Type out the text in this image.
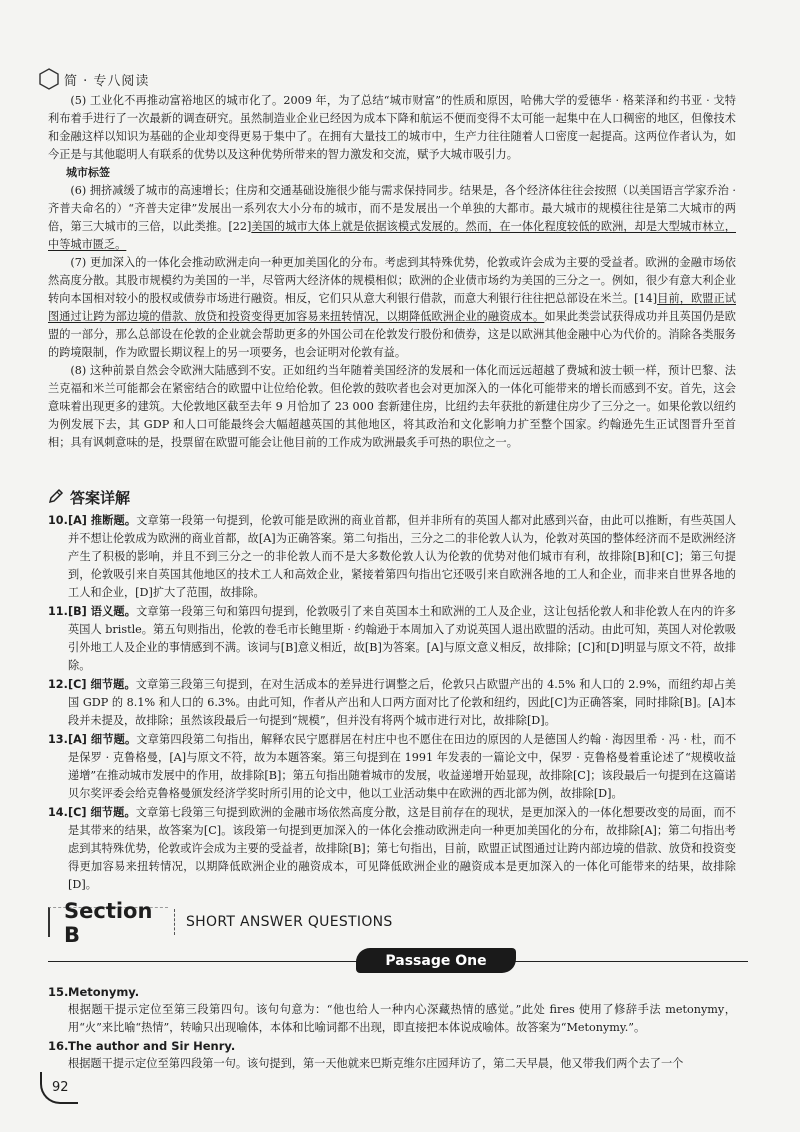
简 · 专八阅读

(5) 工业化不再推动富裕地区的城市化了。2009 年，为了总结“城市财富”的性质和原因，哈佛大学的爱德华 · 格莱泽和约书亚 · 戈特利布着手进行了一次最新的调查研究。虽然制造业企业已经因为成本下降和航运不便而变得不太可能一起集中在人口稠密的地区，但像技术和金融这样以知识为基础的企业却变得更易于集中了。在拥有大量技工的城市中，生产力往往随着人口密度一起提高。这两位作者认为，如今正是与其他聪明人有联系的优势以及这种优势所带来的智力激发和交流，赋予大城市吸引力。

城市标签

(6) 拥挤减缓了城市的高速增长；住房和交通基础设施很少能与需求保持同步。结果是，各个经济体往往会按照（以美国语言学家乔治 · 齐普夫命名的）“齐普夫定律”发展出一系列农大小分布的城市，而不是发展出一个单独的大都市。最大城市的规模往往是第二大城市的两倍，第三大城市的三倍，以此类推。[22]美国的城市大体上就是依据该模式发展的。然而，在一体化程度较低的欧洲，却是大型城市林立，中等城市匮乏。

(7) 更加深入的一体化会推动欧洲走向一种更加美国化的分布。考虑到其特殊优势，伦敦或许会成为主要的受益者。欧洲的金融市场依然高度分散。其股市规模约为美国的一半，尽管两大经济体的规模相似；欧洲的企业债市场约为美国的三分之一。例如，很少有意大利企业转向本国相对较小的股权或债券市场进行融资。相反，它们只从意大利银行借款，而意大利银行往往把总部设在米兰。[14]目前，欧盟正试图通过让跨为部边境的借款、放贷和投资变得更加容易来扭转情况，以期降低欧洲企业的融资成本。如果此类尝试获得成功并且英国仍是欧盟的一部分，那么总部设在伦敦的企业就会帮助更多的外国公司在伦敦发行股份和债券，这是以欧洲其他金融中心为代价的。消除各类服务的跨境限制，作为欧盟长期议程上的另一项要务，也会证明对伦敦有益。

(8) 这种前景自然会令欧洲大陆感到不安。正如纽约当年随着美国经济的发展和一体化而远远超越了费城和波士顿一样，预计巴黎、法兰克福和米兰可能都会在紧密结合的欧盟中让位给伦敦。但伦敦的鼓吹者也会对更加深入的一体化可能带来的增长而感到不安。首先，这会意味着出现更多的建筑。大伦敦地区截至去年 9 月恰加了 23 000 套新建住房，比纽约去年获批的新建住房少了三分之一。如果伦敦以纽约为例发展下去，其 GDP 和人口可能最终会大幅超越英国的其他地区，将其政治和文化影响力扩至整个国家。约翰逊先生正试图晋升至首相；具有讽刺意味的是，投票留在欧盟可能会让他目前的工作成为欧洲最炙手可热的职位之一。

答案详解
10. [A] 推断题。文章第一段第一句提到，伦敦可能是欧洲的商业首都，但并非所有的英国人都对此感到兴奋，由此可以推断，有些英国人并不想让伦敦成为欧洲的商业首都，故[A]为正确答案。第二句指出，三分之二的非伦敦人认为，伦敦对英国的整体经济而不是欧洲经济产生了积极的影响，并且不到三分之一的非伦敦人而不是大多数伦敦人认为伦敦的优势对他们城市有利，故排除[B]和[C]；第三句提到，伦敦吸引来自英国其他地区的技术工人和高效企业，紧接着第四句指出它还吸引来自欧洲各地的工人和企业，而非来自世界各地的工人和企业，[D]扩大了范围，故排除。
11. [B] 语义题。文章第一段第三句和第四句提到，伦敦吸引了来自英国本土和欧洲的工人及企业，这让包括伦敦人和非伦敦人在内的许多英国人 bristle。第五句则指出，伦敦的卷毛市长鲍里斯 · 约翰逊于本周加入了劝说英国人退出欧盟的活动。由此可知，英国人对伦敦吸引外地工人及企业的事情感到不满。该词与[B]意义相近，故[B]为答案。[A]与原文意义相反，故排除；[C]和[D]明显与原文不符，故排除。
12. [C] 细节题。文章第三段第三句提到，在对生活成本的差异进行调整之后，伦敦只占欧盟产出的 4.5% 和人口的 2.9%，而纽约却占美国 GDP 的 8.1% 和人口的 6.3%。由此可知，作者从产出和人口两方面对比了伦敦和纽约，因此[C]为正确答案，同时排除[B]。[A]本段并未提及，故排除；虽然该段最后一句提到“规模”，但并没有将两个城市进行对比，故排除[D]。
13. [A] 细节题。文章第四段第二句指出，解释农民宁愿群居在村庄中也不愿住在田边的原因的人是德国人约翰 · 海因里希 · 冯 · 杜，而不是保罗 · 克鲁格曼，[A]与原文不符，故为本题答案。第三句提到在 1991 年发表的一篇论文中，保罗 · 克鲁格曼着重论述了“规模收益递增”在推动城市发展中的作用，故排除[B]；第五句指出随着城市的发展，收益递增开始显现，故排除[C]；该段最后一句提到在这篇诺贝尔奖评委会给克鲁格曼颁发经济学奖时所引用的论文中，他以工业活动集中在欧洲的西北部为例，故排除[D]。
14. [C] 细节题。文章第七段第三句提到欧洲的金融市场依然高度分散，这是目前存在的现状，是更加深入的一体化想要改变的局面，而不是其带来的结果，故答案为[C]。该段第一句提到更加深入的一体化会推动欧洲走向一种更加美国化的分布，故排除[A]；第二句指出考虑到其特殊优势，伦敦或许会成为主要的受益者，故排除[B]；第七句指出，目前，欧盟正试图通过让跨内部边境的借款、放贷和投资变得更加容易来扭转情况，以期降低欧洲企业的融资成本，可见降低欧洲企业的融资成本是更加深入的一体化可能带来的结果，故排除[D]。
Section B
SHORT ANSWER QUESTIONS
Passage One
15.Metonymy.
根据题干提示定位至第三段第四句。该句句意为：“他也给人一种内心深藏热情的感觉。”此处 fires 使用了修辞手法 metonymy，用“火”来比喻“热情”，转喻只出现喻体，本体和比喻词都不出现，即直接把本体说成喻体。故答案为“Metonymy.”。
16.The author and Sir Henry.
根据题干提示定位至第四段第一句。该句提到，第一天他就来巴斯克维尔庄园拜访了，第二天早晨，他又带我们两个去了一个
92
